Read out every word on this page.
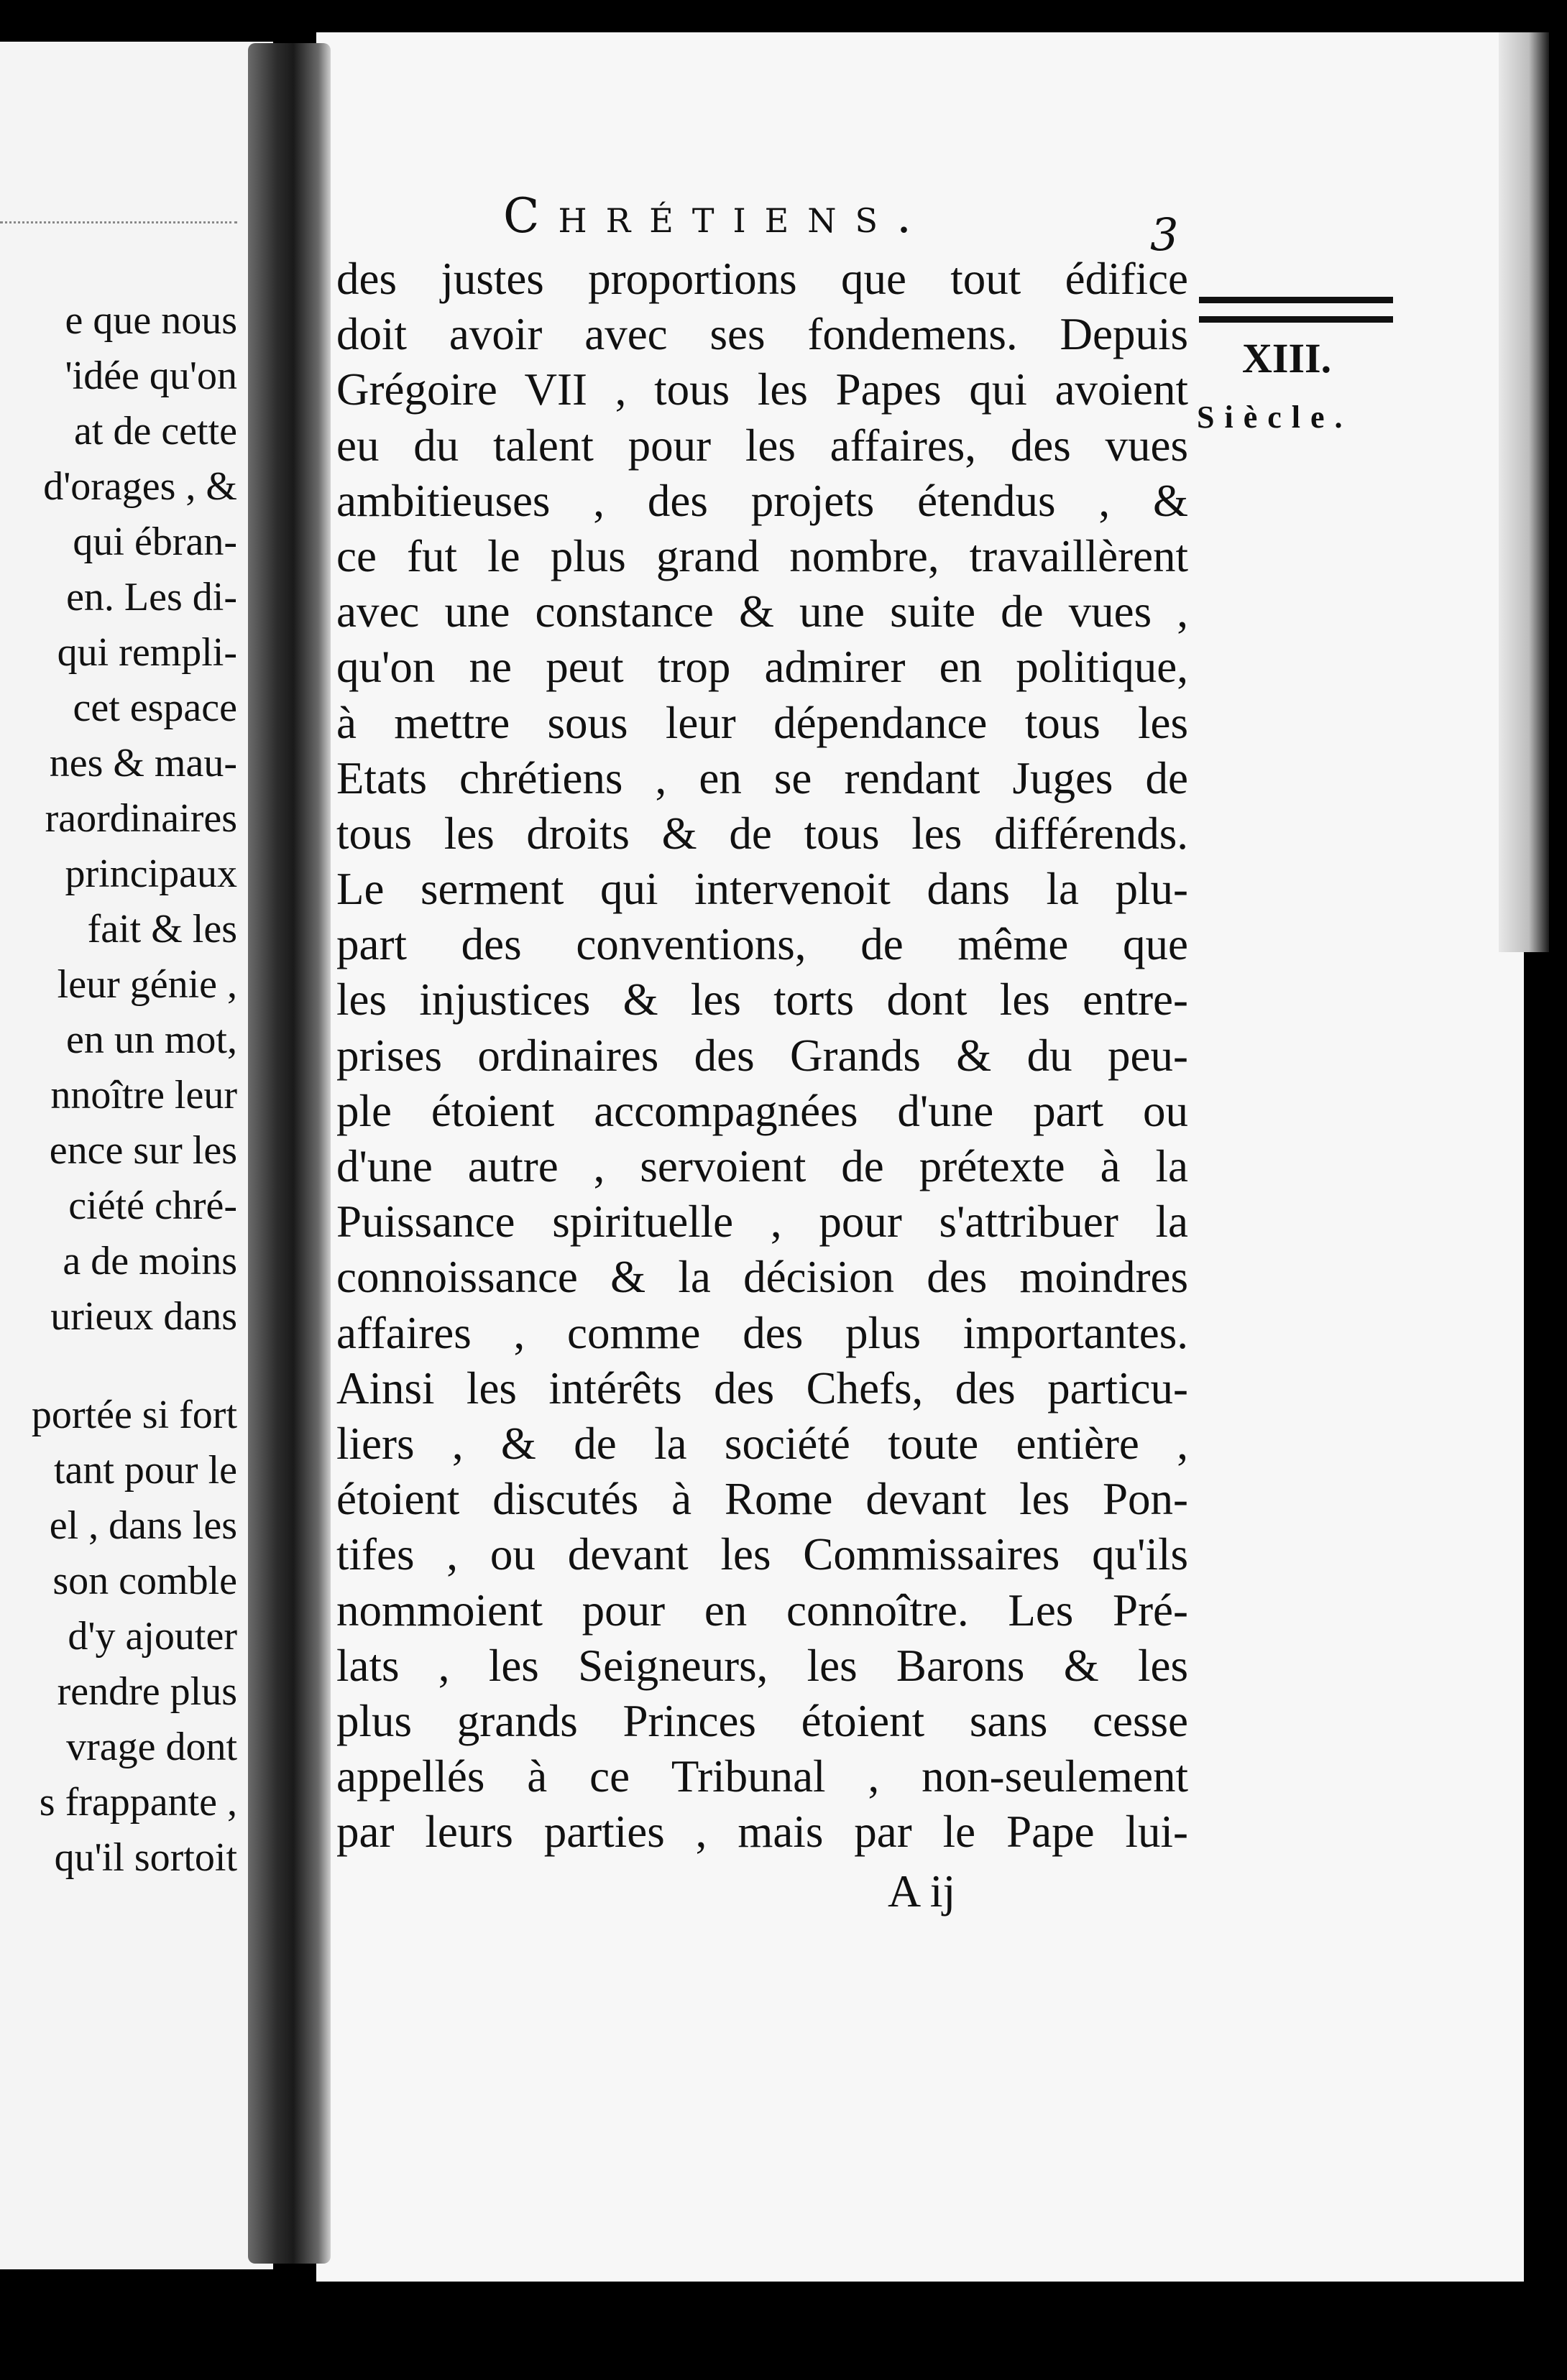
e que nous
'idée qu'on
at de cette
d'orages , &
qui ébran-
en. Les di-
qui rempli-
cet espace
nes & mau-
raordinaires
principaux
fait & les
leur génie ,
en un mot,
nnoître leur
ence sur les
ciété chré-
a de moins
urieux dans
portée si fort
tant pour le
el , dans les
son comble
d'y ajouter
rendre plus
vrage dont
s frappante ,
qu'il sortoit
Chrétiens.	3
XIII.
Siècle.
des justes proportions que tout édifice
doit avoir avec ses fondemens. Depuis
Grégoire VII , tous les Papes qui avoient
eu du talent pour les affaires, des vues
ambitieuses , des projets étendus , &
ce fut le plus grand nombre, travaillèrent
avec une constance & une suite de vues ,
qu'on ne peut trop admirer en politique,
à mettre sous leur dépendance tous les
Etats chrétiens , en se rendant Juges de
tous les droits & de tous les différends.
Le serment qui intervenoit dans la plu-
part des conventions, de même que
les injustices & les torts dont les entre-
prises ordinaires des Grands & du peu-
ple étoient accompagnées d'une part ou
d'une autre , servoient de prétexte à la
Puissance spirituelle , pour s'attribuer la
connoissance & la décision des moindres
affaires , comme des plus importantes.
Ainsi les intérêts des Chefs, des particu-
liers , & de la société toute entière ,
étoient discutés à Rome devant les Pon-
tifes , ou devant les Commissaires qu'ils
nommoient pour en connoître. Les Pré-
lats , les Seigneurs, les Barons & les
plus grands Princes étoient sans cesse
appellés à ce Tribunal , non-seulement
par leurs parties , mais par le Pape lui-
A ij
